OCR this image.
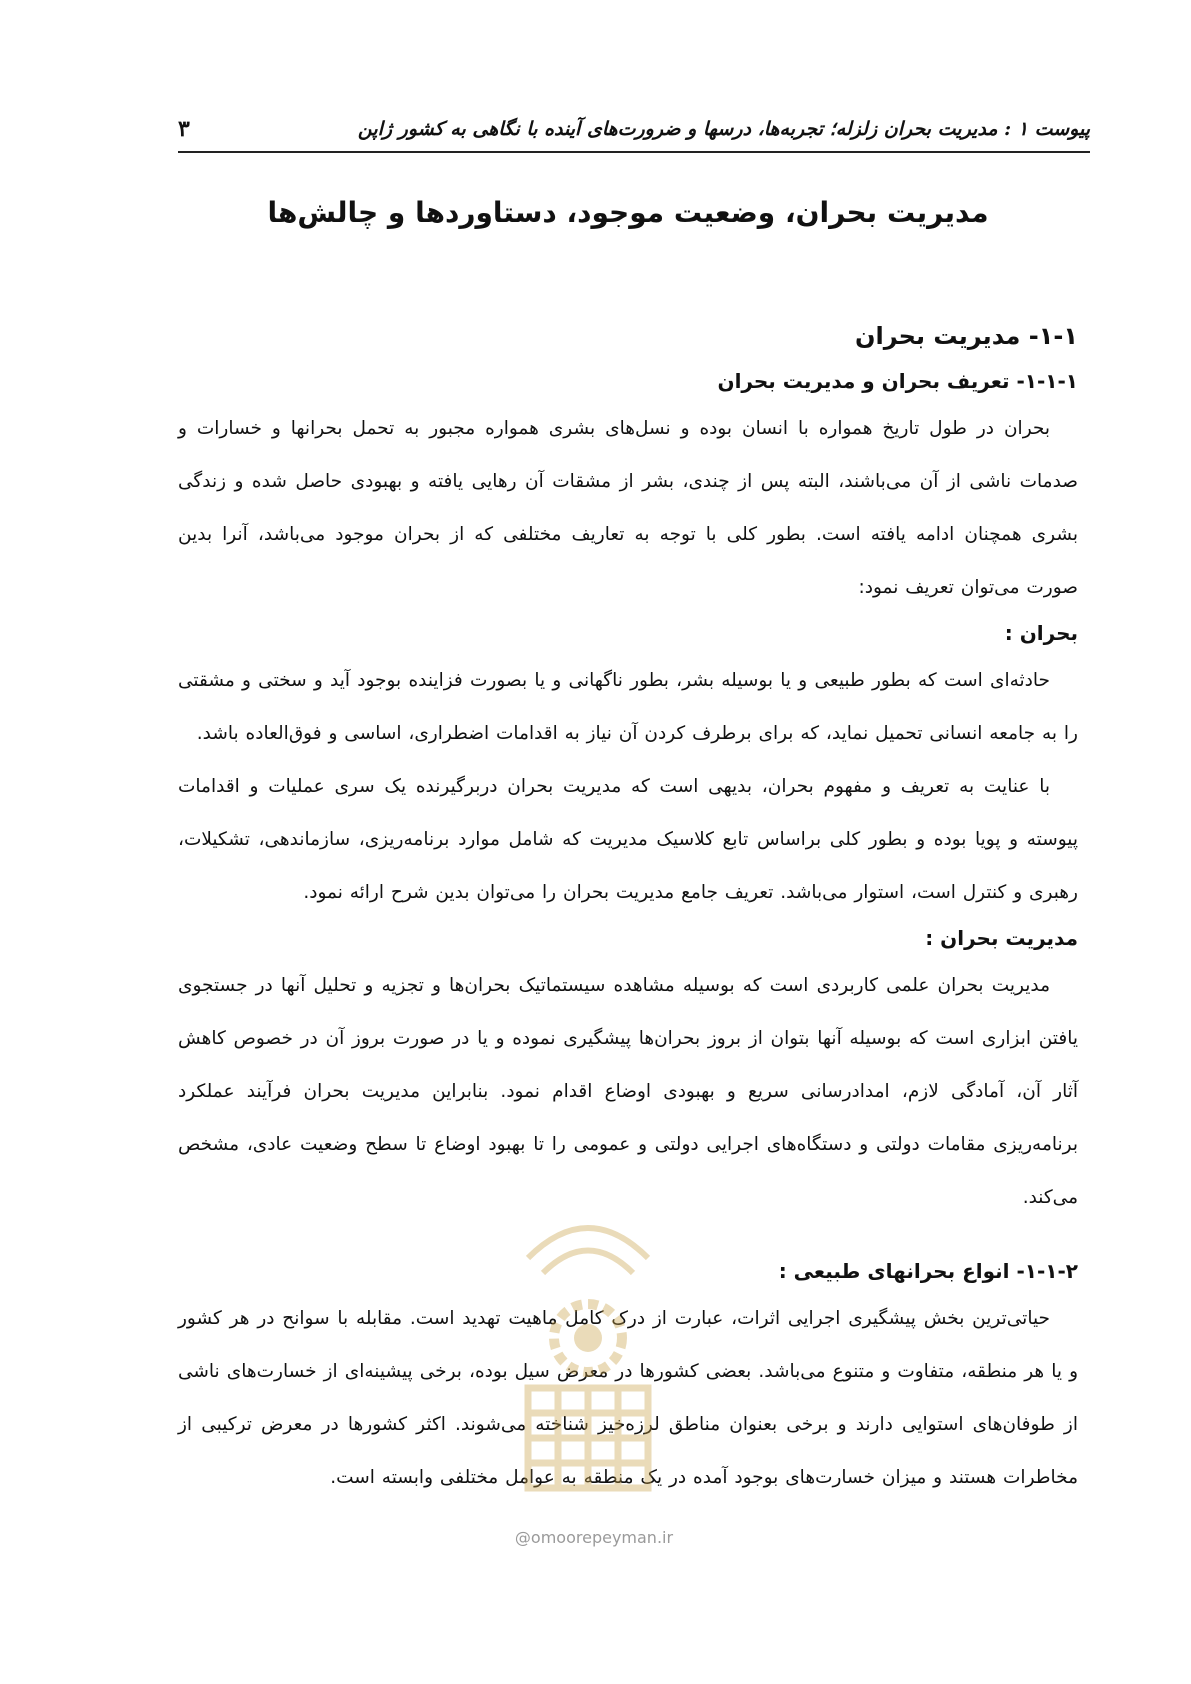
پیوست ۱ : مدیریت بحران زلزله؛ تجربه‌ها، درسها و ضرورت‌های آینده با نگاهی به کشور ژاپن
۳
مدیریت بحران، وضعیت موجود، دستاوردها و چالش‌ها
۱-۱- مدیریت بحران
۱-۱-۱- تعریف بحران و مدیریت بحران

بحران در طول تاریخ همواره با انسان بوده و نسل‌های بشری همواره مجبور به تحمل بحرانها و خسارات و صدمات ناشی از آن می‌باشند، البته پس از چندی، بشر از مشقات آن رهایی یافته و بهبودی حاصل شده و زندگی بشری همچنان ادامه یافته است. بطور کلی با توجه به تعاریف مختلفی که از بحران موجود می‌باشد، آنرا بدین صورت می‌توان تعریف نمود:

بحران :

حادثه‌ای است که بطور طبیعی و یا بوسیله بشر، بطور ناگهانی و یا بصورت فزاینده بوجود آید و سختی و مشقتی را به جامعه انسانی تحمیل نماید، که برای برطرف کردن آن نیاز به اقدامات اضطراری، اساسی و فوق‌العاده باشد.

با عنایت به تعریف و مفهوم بحران، بدیهی است که مدیریت بحران دربرگیرنده یک سری عملیات و اقدامات پیوسته و پویا بوده و بطور کلی براساس تابع کلاسیک مدیریت که شامل موارد برنامه‌ریزی، سازماندهی، تشکیلات، رهبری و کنترل است، استوار می‌باشد. تعریف جامع مدیریت بحران را می‌توان بدین شرح ارائه نمود.

مدیریت بحران :

مدیریت بحران علمی کاربردی است که بوسیله مشاهده سیستماتیک بحران‌ها و تجزیه و تحلیل آنها در جستجوی یافتن ابزاری است که بوسیله آنها بتوان از بروز بحران‌ها پیشگیری نموده و یا در صورت بروز آن در خصوص کاهش آثار آن، آمادگی لازم، امدادرسانی سریع و بهبودی اوضاع اقدام نمود. بنابراین مدیریت بحران فرآیند عملکرد برنامه‌ریزی مقامات دولتی و دستگاه‌های اجرایی دولتی و عمومی را تا بهبود اوضاع تا سطح وضعیت عادی، مشخص می‌کند.

۱-۱-۲- انواع بحرانهای طبیعی :

حیاتی‌ترین بخش پیشگیری اجرایی اثرات، عبارت از درک کامل ماهیت تهدید است. مقابله با سوانح در هر کشور و یا هر منطقه، متفاوت و متنوع می‌باشد. بعضی کشورها در معرض سیل بوده، برخی پیشینه‌ای از خسارت‌های ناشی از طوفان‌های استوایی دارند و برخی بعنوان مناطق لرزه‌خیز شناخته می‌شوند. اکثر کشورها در معرض ترکیبی از مخاطرات هستند و میزان خسارت‌های بوجود آمده در یک منطقه به عوامل مختلفی وابسته است.

@omoorepeyman.ir
